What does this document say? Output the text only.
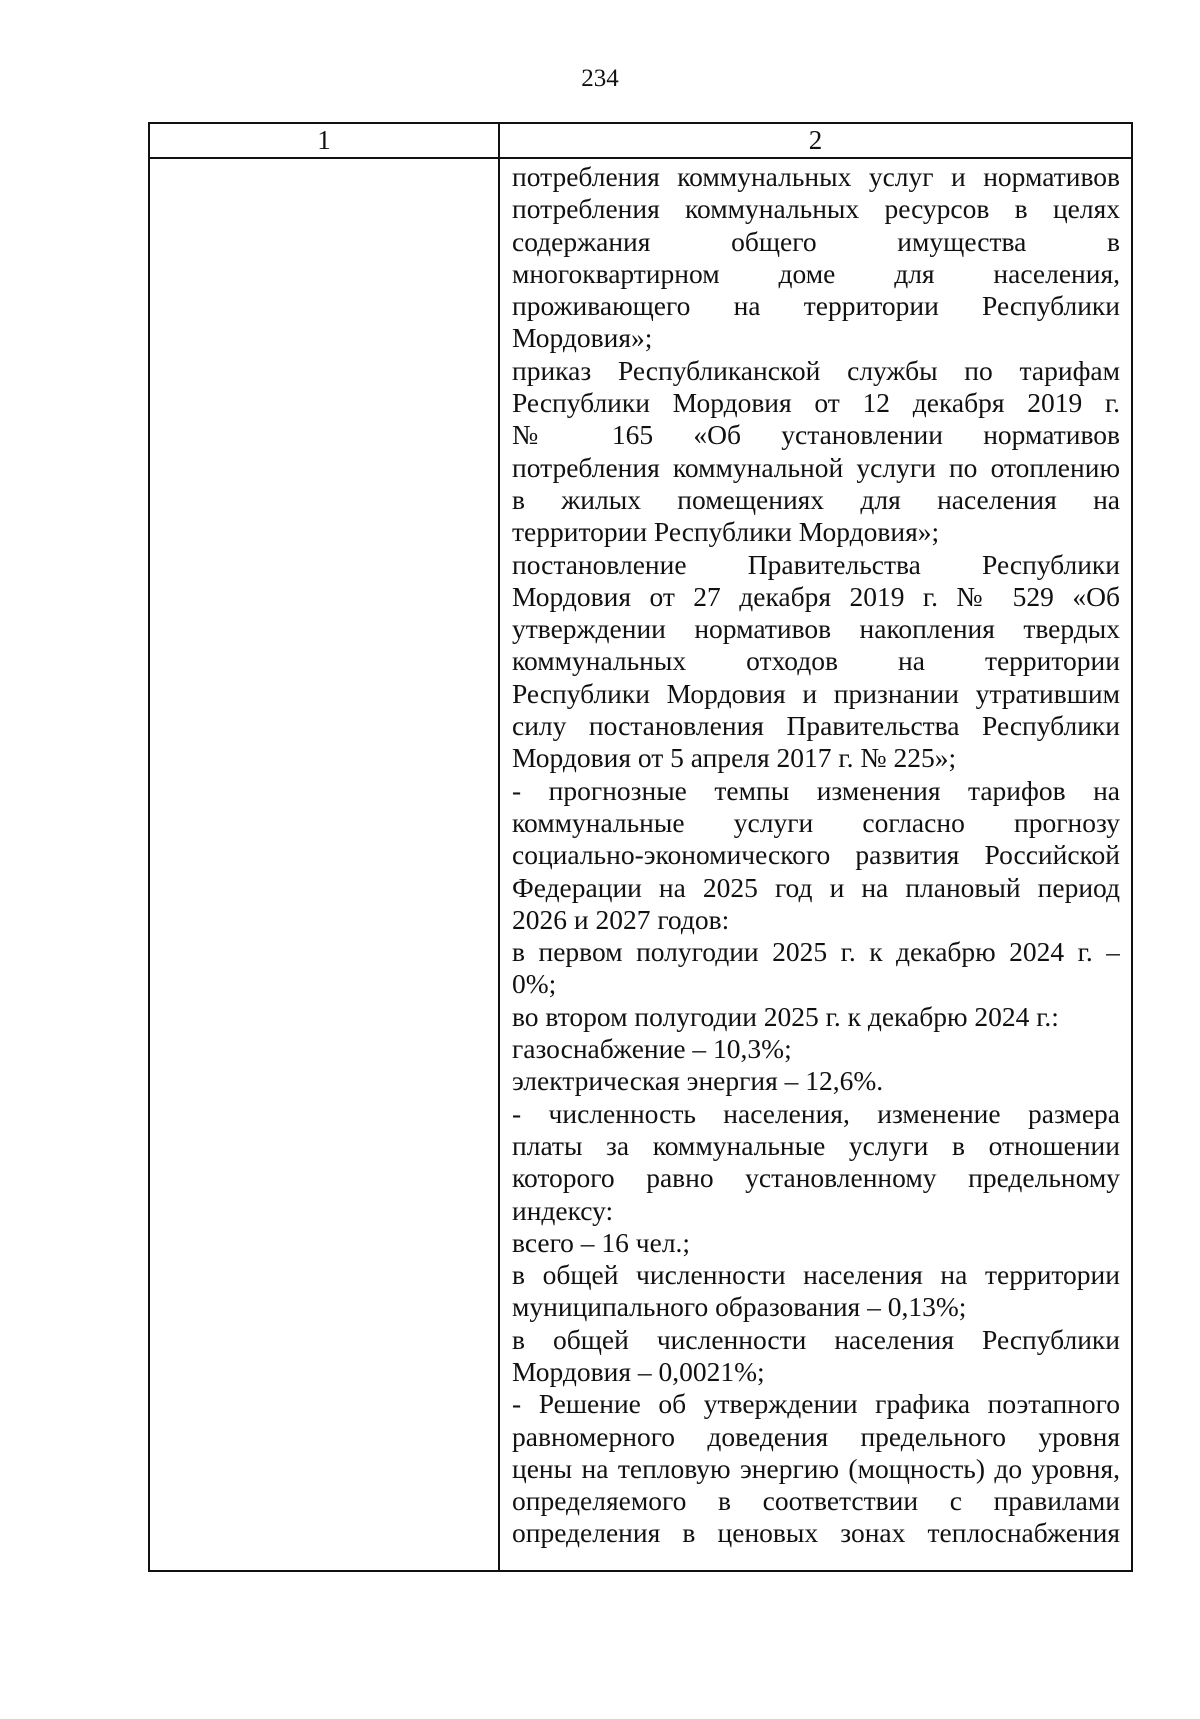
234
1	2
потребления коммунальных услуг и нормативов
потребления коммунальных ресурсов в целях
содержания общего имущества в
многоквартирном доме для населения,
проживающего на территории Республики
Мордовия»;
приказ Республиканской службы по тарифам
Республики Мордовия от 12 декабря 2019 г.
№ 165 «Об установлении нормативов
потребления коммунальной услуги по отоплению
в жилых помещениях для населения на
территории Республики Мордовия»;
постановление Правительства Республики
Мордовия от 27 декабря 2019 г. № 529 «Об
утверждении нормативов накопления твердых
коммунальных отходов на территории
Республики Мордовия и признании утратившим
силу постановления Правительства Республики
Мордовия от 5 апреля 2017 г. № 225»;
- прогнозные темпы изменения тарифов на
коммунальные услуги согласно прогнозу
социально-экономического развития Российской
Федерации на 2025 год и на плановый период
2026 и 2027 годов:
в первом полугодии 2025 г. к декабрю 2024 г. –
0%;
во втором полугодии 2025 г. к декабрю 2024 г.:
газоснабжение – 10,3%;
электрическая энергия – 12,6%.
- численность населения, изменение размера
платы за коммунальные услуги в отношении
которого равно установленному предельному
индексу:
всего – 16 чел.;
в общей численности населения на территории
муниципального образования – 0,13%;
в общей численности населения Республики
Мордовия – 0,0021%;
- Решение об утверждении графика поэтапного
равномерного доведения предельного уровня
цены на тепловую энергию (мощность) до уровня,
определяемого в соответствии с правилами
определения в ценовых зонах теплоснабжения
